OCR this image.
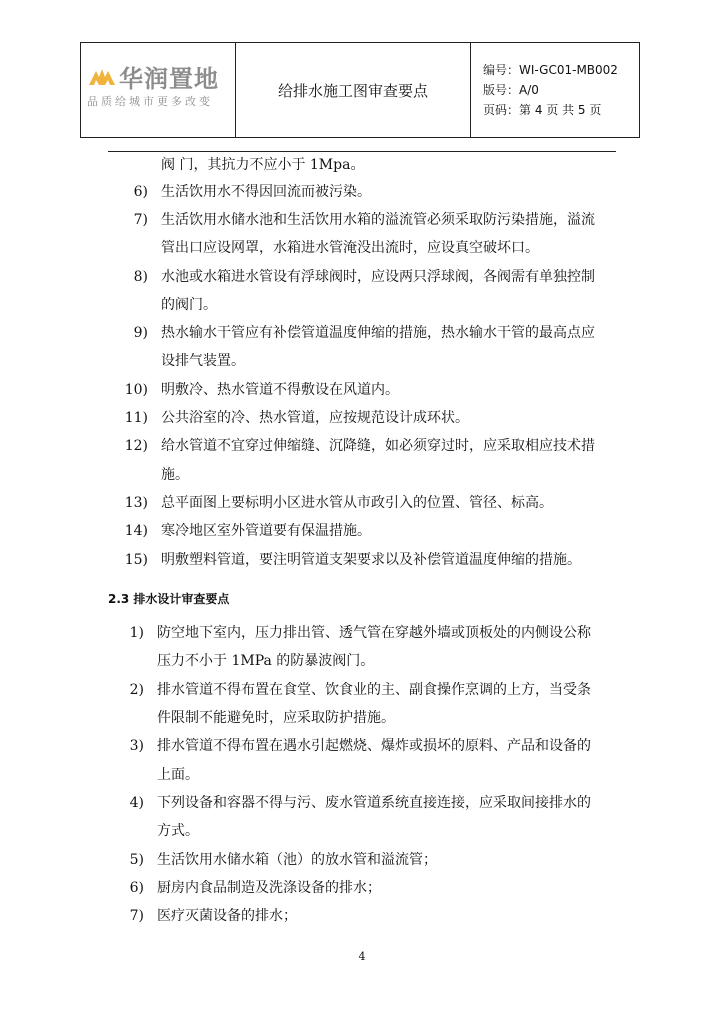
华润置地
品质给城市更多改变
	给排水施工图审查要点	
编号：WI-GC01-MB002
版号：A/0
页码：第 4 页 共 5 页
阀 门，其抗力不应小于 1Mpa。
6) 生活饮用水不得因回流而被污染。
7) 生活饮用水储水池和生活饮用水箱的溢流管必须采取防污染措施，溢流
管出口应设网罩，水箱进水管淹没出流时，应设真空破坏口。
8) 水池或水箱进水管设有浮球阀时，应设两只浮球阀，各阀需有单独控制
的阀门。
9) 热水输水干管应有补偿管道温度伸缩的措施，热水输水干管的最高点应
设排气装置。
10) 明敷冷、热水管道不得敷设在风道内。
11) 公共浴室的冷、热水管道，应按规范设计成环状。
12) 给水管道不宜穿过伸缩缝、沉降缝，如必须穿过时，应采取相应技术措
施。
13) 总平面图上要标明小区进水管从市政引入的位置、管径、标高。
14) 寒冷地区室外管道要有保温措施。
15) 明敷塑料管道，要注明管道支架要求以及补偿管道温度伸缩的措施。
2.3 排水设计审查要点
1) 防空地下室内，压力排出管、透气管在穿越外墙或顶板处的内侧设公称
压力不小于 1MPa 的防暴波阀门。
2) 排水管道不得布置在食堂、饮食业的主、副食操作烹调的上方，当受条
件限制不能避免时，应采取防护措施。
3) 排水管道不得布置在遇水引起燃烧、爆炸或损坏的原料、产品和设备的
上面。
4) 下列设备和容器不得与污、废水管道系统直接连接，应采取间接排水的
方式。
5) 生活饮用水储水箱（池）的放水管和溢流管；
6) 厨房内食品制造及洗涤设备的排水；
7) 医疗灭菌设备的排水；
4
